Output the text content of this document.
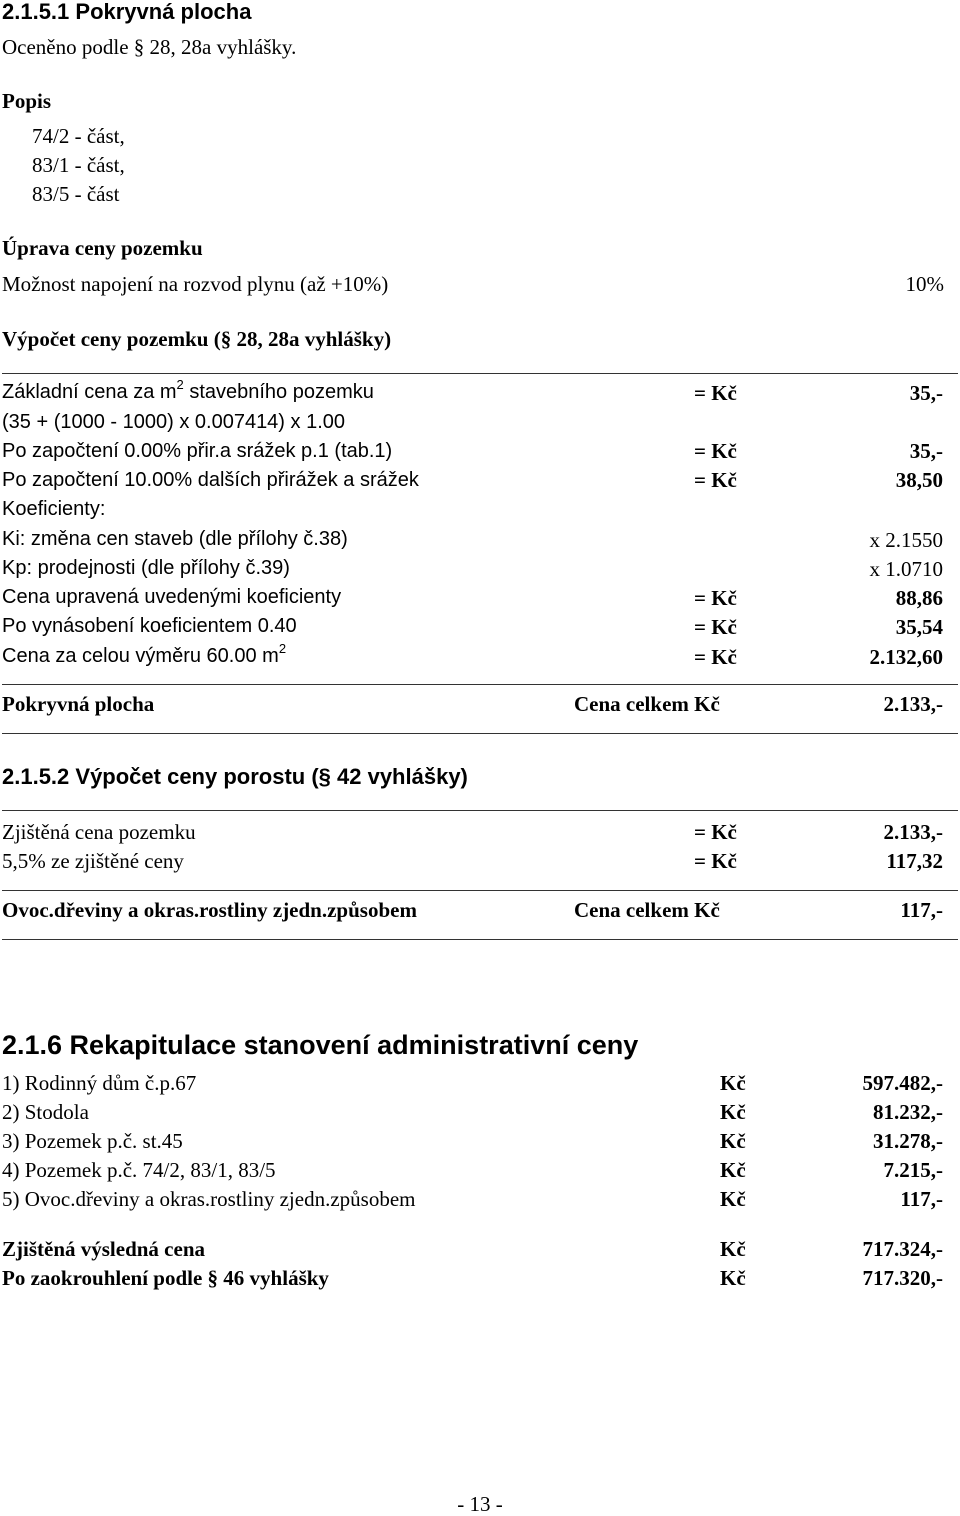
2.1.5.1 Pokryvná plocha
Oceněno podle § 28, 28a vyhlášky.
Popis
74/2 - část,
83/1 - část,
83/5 - část
Úprava ceny pozemku
Možnost napojení na rozvod plynu (až +10%)	10%
Výpočet ceny pozemku (§ 28, 28a vyhlášky)
Základní cena za $m^2$ stavebního pozemku	= Kč	35,-
(35 + (1000 - 1000) x 0.007414) x 1.00
Po započtení 0.00% přir.a srážek p.1 (tab.1)	= Kč	35,-
Po započtení 10.00% dalších přirážek a srážek	= Kč	38,50
Koeficienty:
Ki: změna cen staveb (dle přílohy č.38)	x 2.1550
Kp: prodejnosti (dle přílohy č.39)	x 1.0710
Cena upravená uvedenými koeficienty	= Kč	88,86
Po vynásobení koeficientem 0.40	= Kč	35,54
Cena za celou výměru 60.00 $m^2$	= Kč	2.132,60
Pokryvná plocha	Cena celkem Kč	2.133,-
2.1.5.2 Výpočet ceny porostu (§ 42 vyhlášky)
Zjištěná cena pozemku	= Kč	2.133,-
5,5% ze zjištěné ceny	= Kč	117,32
Ovoc.dřeviny a okras.rostliny zjedn.způsobem	Cena celkem Kč	117,-
2.1.6 Rekapitulace stanovení administrativní ceny
1) Rodinný dům č.p.67	Kč	597.482,-
2) Stodola	Kč	81.232,-
3) Pozemek p.č. st.45	Kč	31.278,-
4) Pozemek p.č. 74/2, 83/1, 83/5	Kč	7.215,-
5) Ovoc.dřeviny a okras.rostliny zjedn.způsobem	Kč	117,-
Zjištěná výsledná cena	Kč	717.324,-
Po zaokrouhlení podle § 46 vyhlášky	Kč	717.320,-
- 13 -
